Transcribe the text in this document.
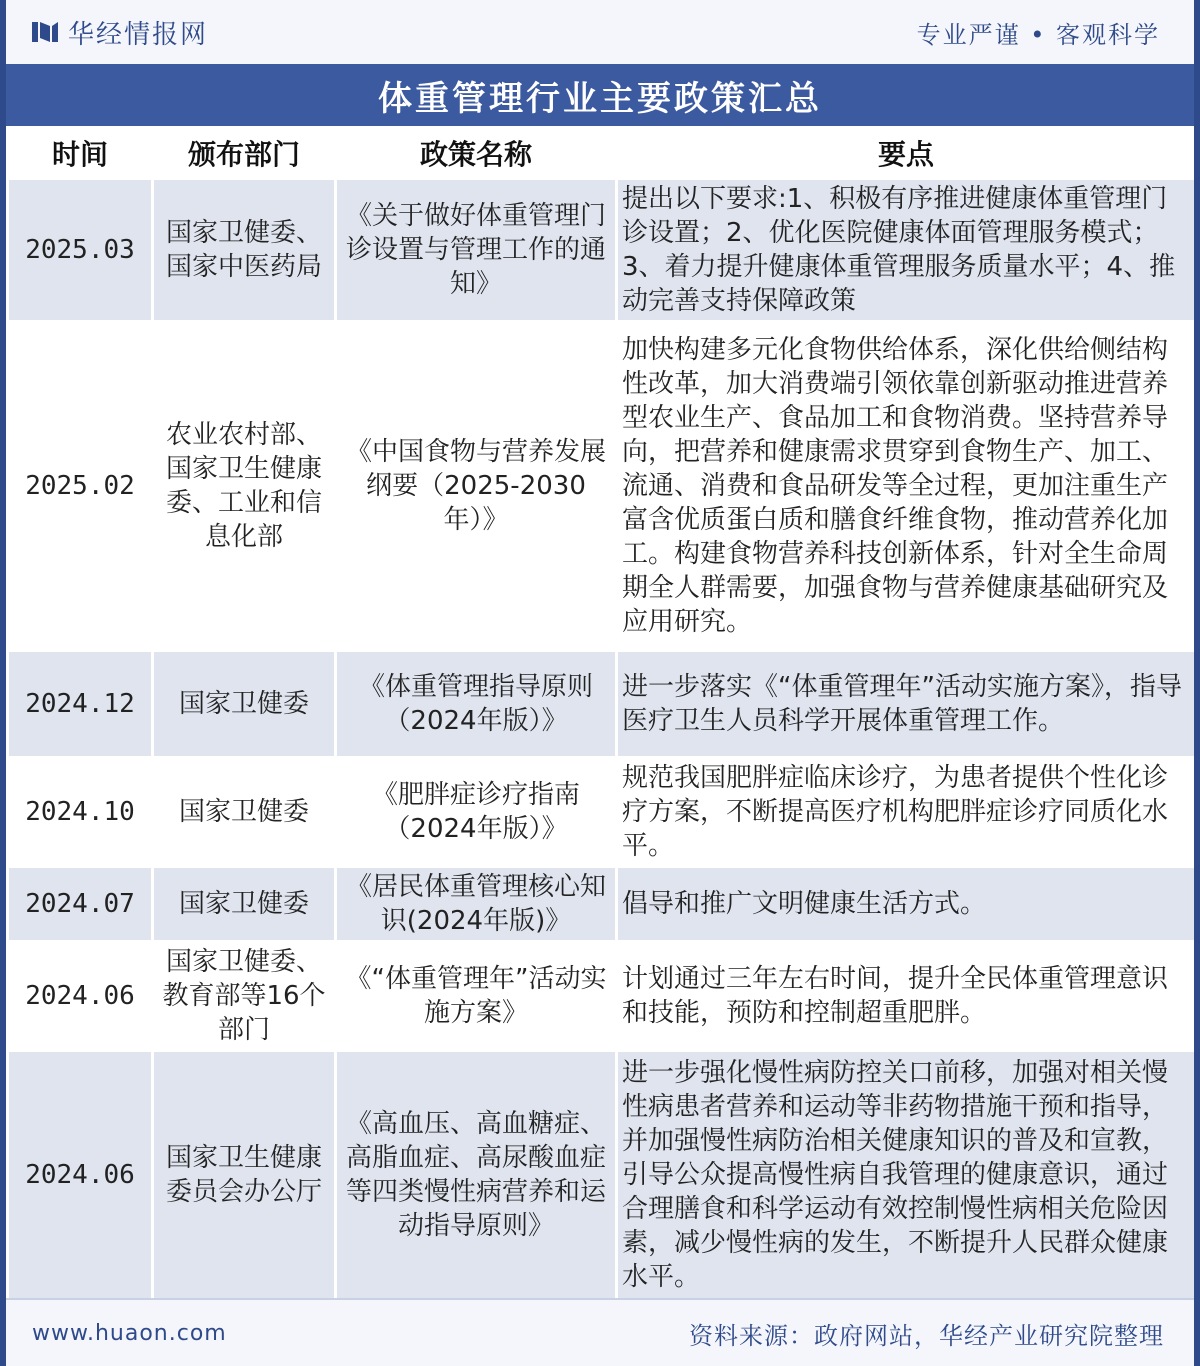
华经情报网	专业严谨 • 客观科学
体重管理行业主要政策汇总
时间	颁布部门	政策名称	要点
2025.03	国家卫健委、国家中医药局	《关于做好体重管理门诊设置与管理工作的通知》	提出以下要求:1、积极有序推进健康体重管理门诊设置；2、优化医院健康体面管理服务模式；3、着力提升健康体重管理服务质量水平；4、推动完善支持保障政策
2025.02	农业农村部、国家卫生健康委、工业和信息化部	《中国食物与营养发展纲要（2025-2030年）》	加快构建多元化食物供给体系，深化供给侧结构性改革，加大消费端引领依靠创新驱动推进营养型农业生产、食品加工和食物消费。坚持营养导向，把营养和健康需求贯穿到食物生产、加工、流通、消费和食品研发等全过程，更加注重生产富含优质蛋白质和膳食纤维食物，推动营养化加工。构建食物营养科技创新体系，针对全生命周期全人群需要，加强食物与营养健康基础研究及应用研究。
2024.12	国家卫健委	《体重管理指导原则（2024年版）》	进一步落实《“体重管理年”活动实施方案》，指导医疗卫生人员科学开展体重管理工作。
2024.10	国家卫健委	《肥胖症诊疗指南（2024年版）》	规范我国肥胖症临床诊疗，为患者提供个性化诊疗方案，不断提高医疗机构肥胖症诊疗同质化水平。
2024.07	国家卫健委	《居民体重管理核心知识(2024年版)》	倡导和推广文明健康生活方式。
2024.06	国家卫健委、教育部等16个部门	《“体重管理年”活动实施方案》	计划通过三年左右时间，提升全民体重管理意识和技能，预防和控制超重肥胖。
2024.06	国家卫生健康委员会办公厅	《高血压、高血糖症、高脂血症、高尿酸血症等四类慢性病营养和运动指导原则》	进一步强化慢性病防控关口前移，加强对相关慢性病患者营养和运动等非药物措施干预和指导，并加强慢性病防治相关健康知识的普及和宣教，引导公众提高慢性病自我管理的健康意识，通过合理膳食和科学运动有效控制慢性病相关危险因素，减少慢性病的发生，不断提升人民群众健康水平。
www.huaon.com	资料来源：政府网站，华经产业研究院整理
